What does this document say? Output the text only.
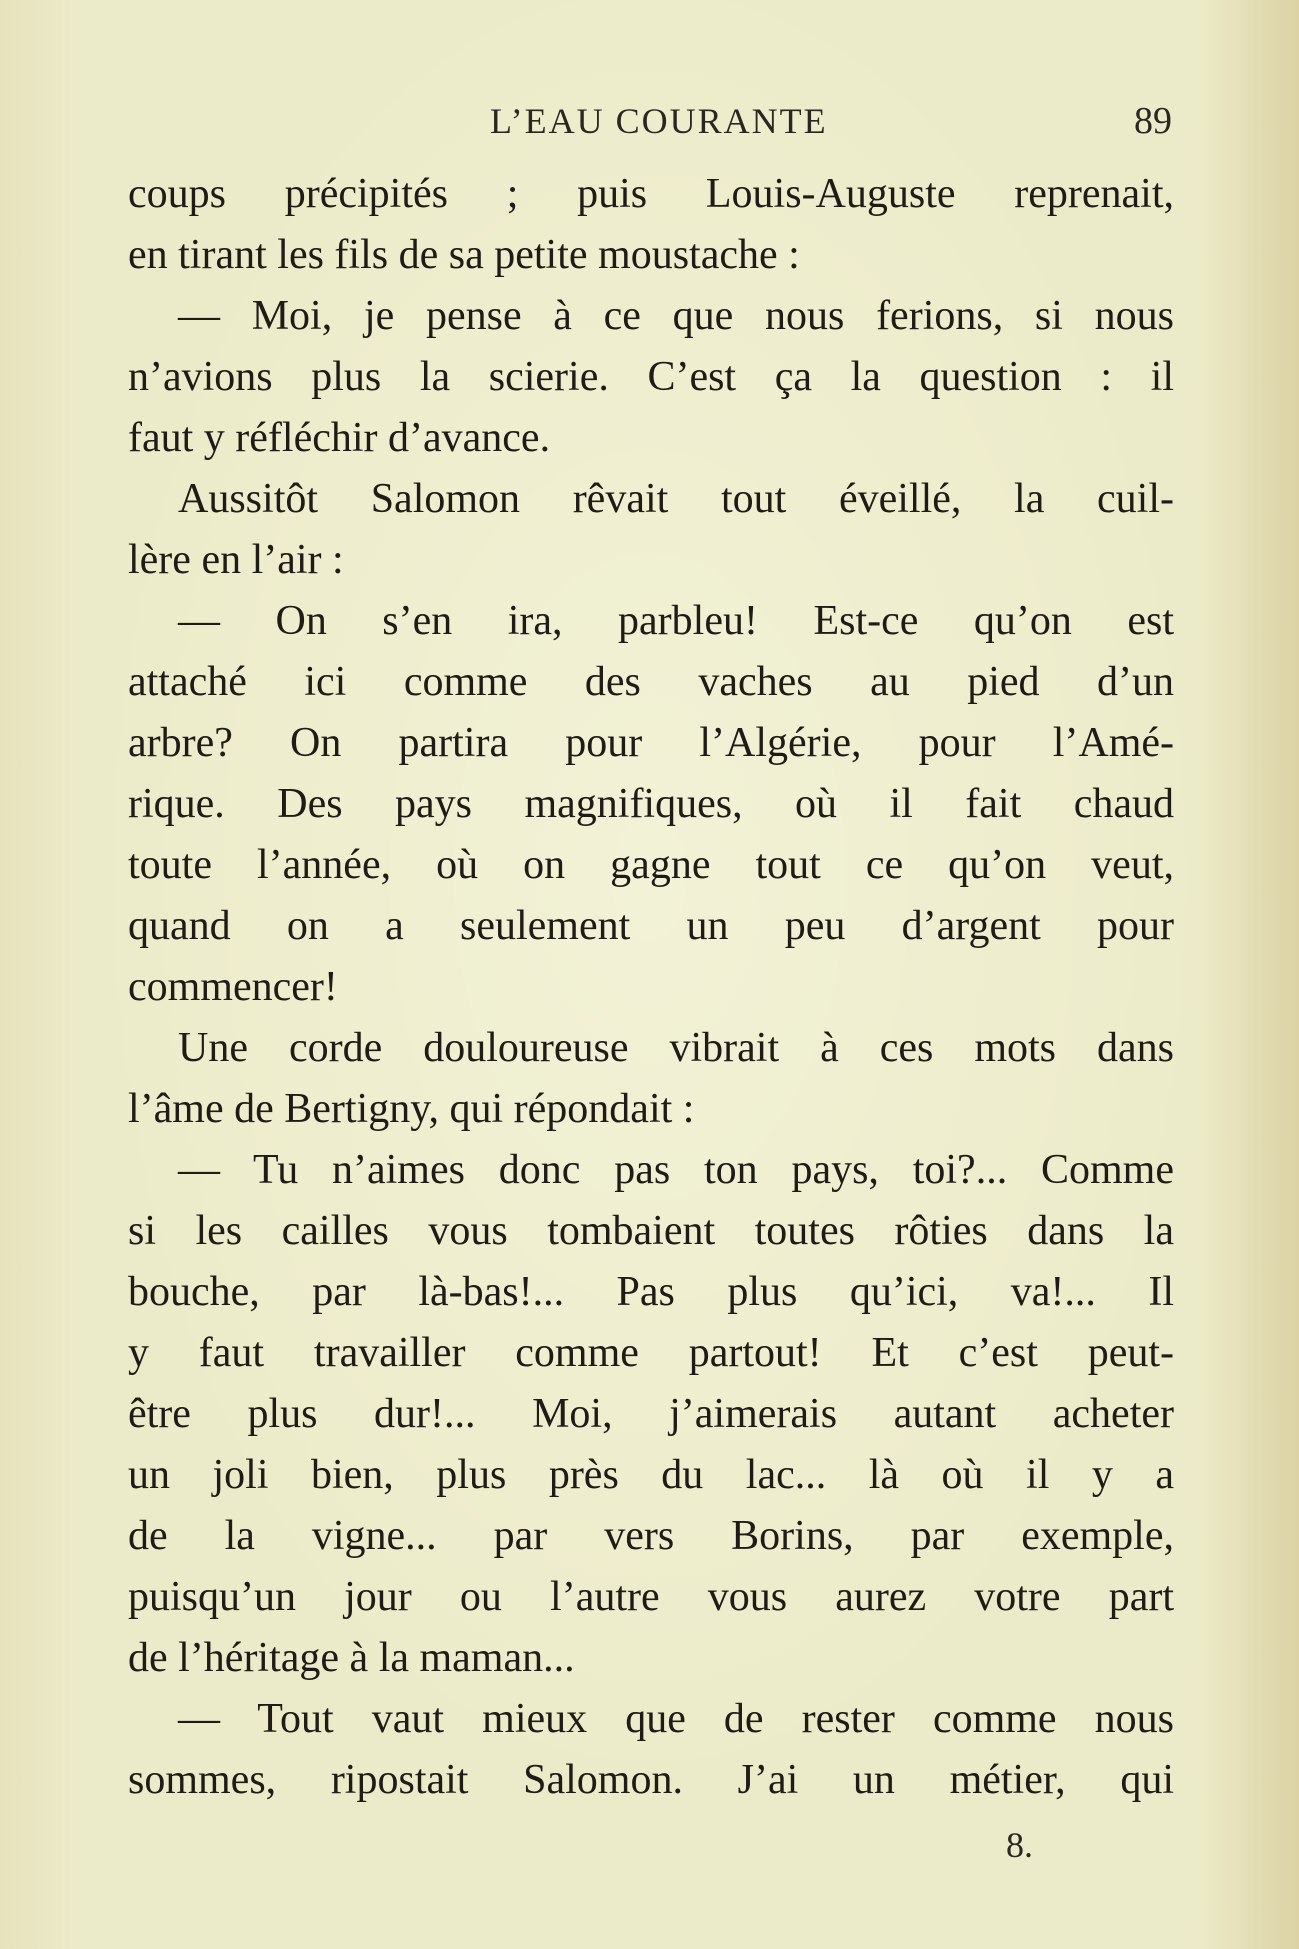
L’EAU COURANTE	89
coups précipités ; puis Louis-Auguste reprenait,
en tirant les fils de sa petite moustache :
— Moi, je pense à ce que nous ferions, si nous
n’avions plus la scierie. C’est ça la question : il
faut y réfléchir d’avance.
Aussitôt Salomon rêvait tout éveillé, la cuil-
lère en l’air :
— On s’en ira, parbleu! Est-ce qu’on est
attaché ici comme des vaches au pied d’un
arbre? On partira pour l’Algérie, pour l’Amé-
rique. Des pays magnifiques, où il fait chaud
toute l’année, où on gagne tout ce qu’on veut,
quand on a seulement un peu d’argent pour
commencer!
Une corde douloureuse vibrait à ces mots dans
l’âme de Bertigny, qui répondait :
— Tu n’aimes donc pas ton pays, toi?... Comme
si les cailles vous tombaient toutes rôties dans la
bouche, par là-bas!... Pas plus qu’ici, va!... Il
y faut travailler comme partout! Et c’est peut-
être plus dur!... Moi, j’aimerais autant acheter
un joli bien, plus près du lac... là où il y a
de la vigne... par vers Borins, par exemple,
puisqu’un jour ou l’autre vous aurez votre part
de l’héritage à la maman...
— Tout vaut mieux que de rester comme nous
sommes, ripostait Salomon. J’ai un métier, qui
8.
